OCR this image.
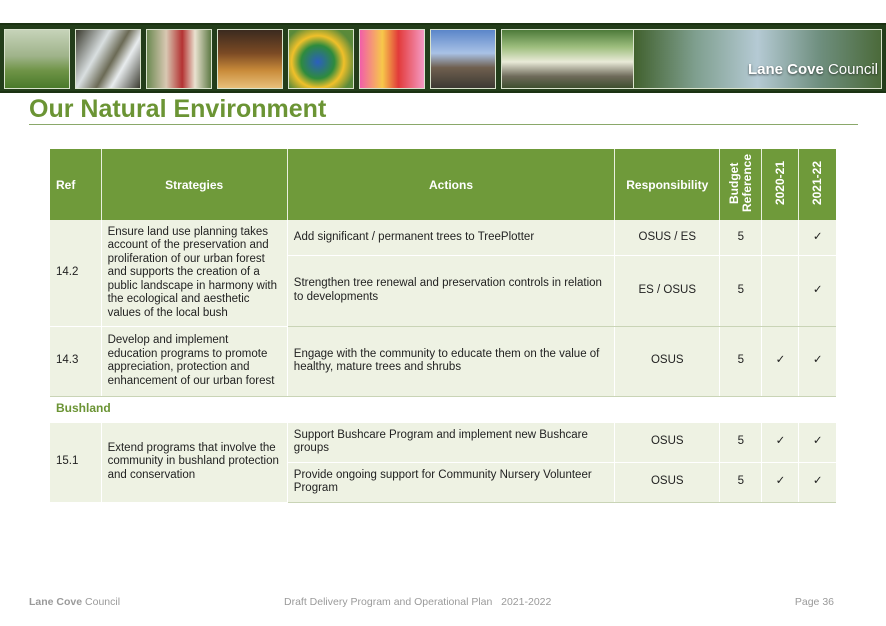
Lane Cove Council
Our Natural Environment
Ref	Strategies	Actions	Responsibility	Budget Reference	2020-21	2021-22
14.2	Ensure land use planning takes account of the preservation and proliferation of our urban forest and supports the creation of a public landscape in harmony with the ecological and aesthetic values of the local bush	Add significant / permanent trees to TreePlotter	OSUS / ES	5		✓
		Strengthen tree renewal and preservation controls in relation to developments	ES / OSUS	5		✓
14.3	Develop and implement education programs to promote appreciation, protection and enhancement of our urban forest	Engage with the community to educate them on the value of healthy, mature trees and shrubs	OSUS	5	✓	✓
Bushland						
15.1	Extend programs that involve the community in bushland protection and conservation	Support Bushcare Program and implement new Bushcare groups	OSUS	5	✓	✓
		Provide ongoing support for Community Nursery Volunteer Program	OSUS	5	✓	✓
Lane Cove Council	Draft Delivery Program and Operational Plan 2021-2022	Page 36
